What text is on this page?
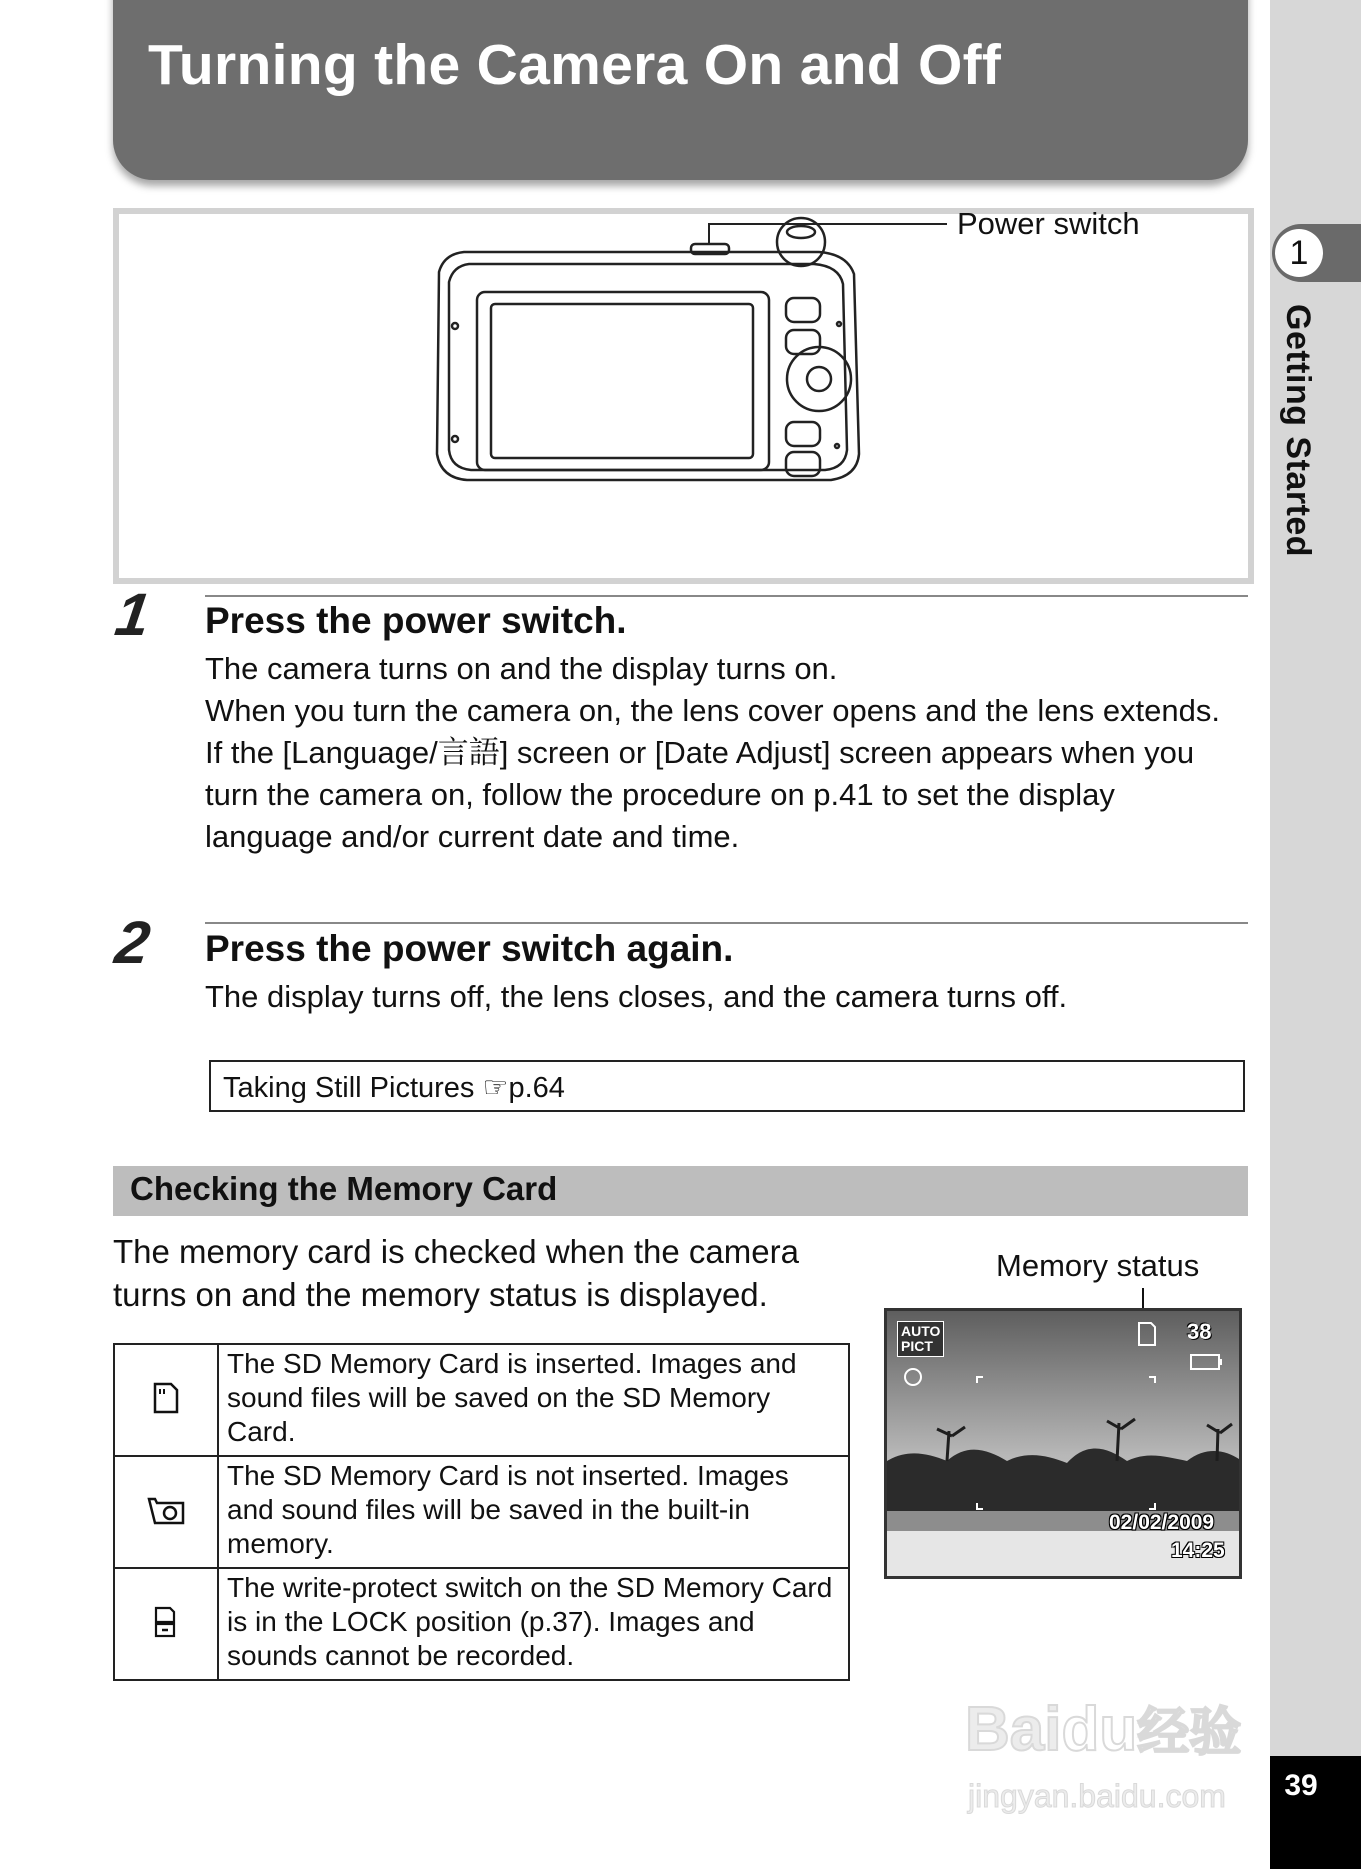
Turning the Camera On and Off
1
Getting Started
39
Power switch
1 Press the power switch.
The camera turns on and the display turns on.
When you turn the camera on, the lens cover opens and the lens extends.
If the [Language/言語] screen or [Date Adjust] screen appears when you turn the camera on, follow the procedure on p.41 to set the display language and/or current date and time.
2 Press the power switch again.
The display turns off, the lens closes, and the camera turns off.
Taking Still Pictures ☞p.64
Checking the Memory Card
The memory card is checked when the camera turns on and the memory status is displayed.
	The SD Memory Card is inserted. Images and sound files will be saved on the SD Memory Card.
	The SD Memory Card is not inserted. Images and sound files will be saved in the built-in memory.
	The write-protect switch on the SD Memory Card is in the LOCK position (p.37). Images and sounds cannot be recorded.
Memory status
AUTO
PICT
38
02/02/2009
14:25
Baidu经验
jingyan.baidu.com
